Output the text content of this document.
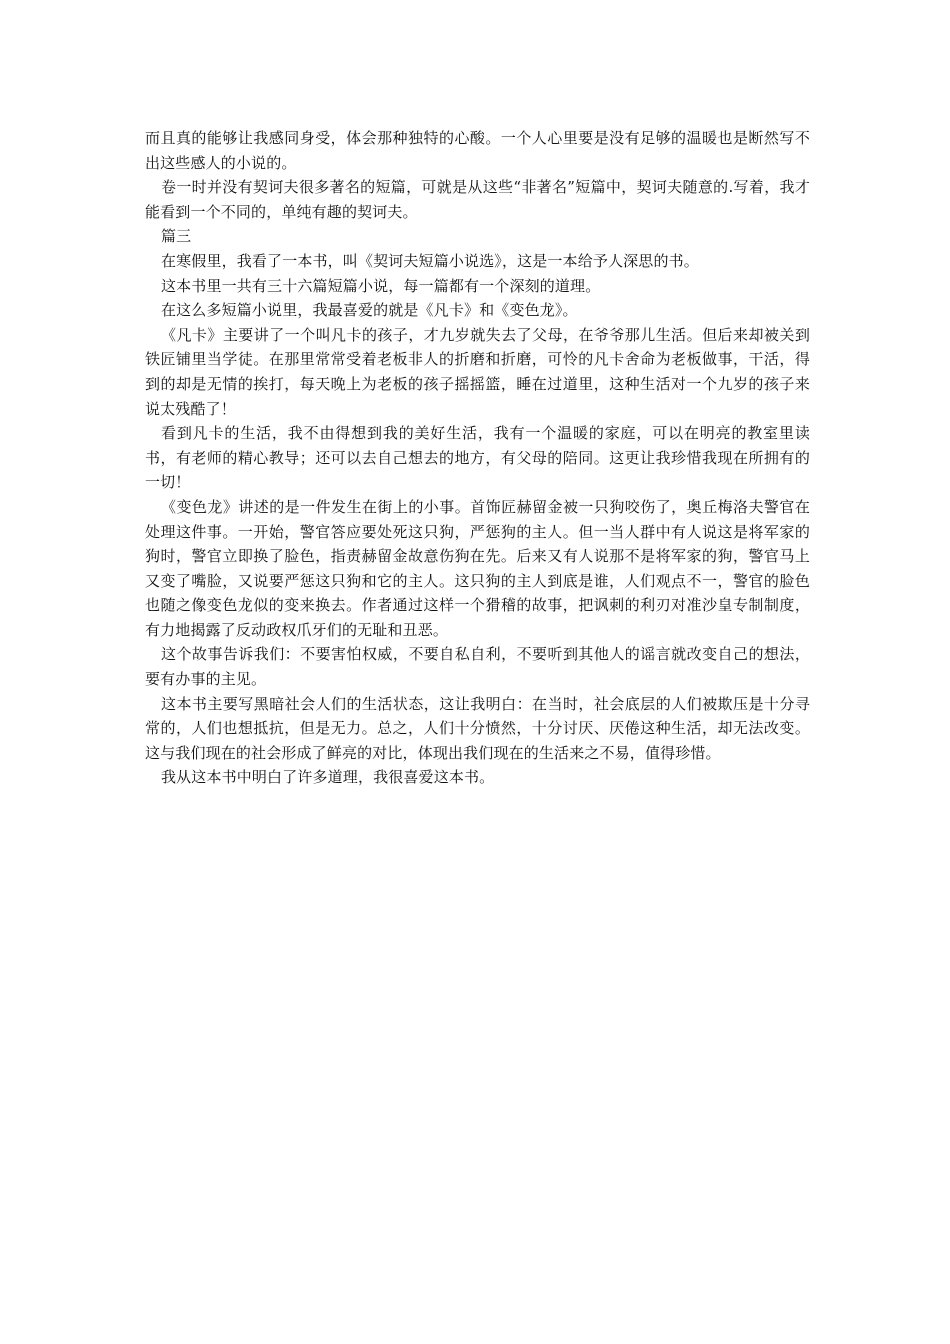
而且真的能够让我感同身受，体会那种独特的心酸。一个人心里要是没有足够的温暖也是断然写不出这些感人的小说的。

卷一时并没有契诃夫很多著名的短篇，可就是从这些“非著名”短篇中，契诃夫随意的.写着，我才能看到一个不同的，单纯有趣的契诃夫。

篇三

在寒假里，我看了一本书，叫《契诃夫短篇小说选》，这是一本给予人深思的书。

这本书里一共有三十六篇短篇小说，每一篇都有一个深刻的道理。

在这么多短篇小说里，我最喜爱的就是《凡卡》和《变色龙》。

《凡卡》主要讲了一个叫凡卡的孩子，才九岁就失去了父母，在爷爷那儿生活。但后来却被关到铁匠铺里当学徒。在那里常常受着老板非人的折磨和折磨，可怜的凡卡舍命为老板做事，干活，得到的却是无情的挨打，每天晚上为老板的孩子摇摇篮，睡在过道里，这种生活对一个九岁的孩子来说太残酷了！

看到凡卡的生活，我不由得想到我的美好生活，我有一个温暖的家庭，可以在明亮的教室里读书，有老师的精心教导；还可以去自己想去的地方，有父母的陪同。这更让我珍惜我现在所拥有的一切！

《变色龙》讲述的是一件发生在街上的小事。首饰匠赫留金被一只狗咬伤了，奥丘梅洛夫警官在处理这件事。一开始，警官答应要处死这只狗，严惩狗的主人。但一当人群中有人说这是将军家的狗时，警官立即换了脸色，指责赫留金故意伤狗在先。后来又有人说那不是将军家的狗，警官马上又变了嘴脸，又说要严惩这只狗和它的主人。这只狗的主人到底是谁，人们观点不一，警官的脸色也随之像变色龙似的变来换去。作者通过这样一个猾稽的故事，把讽刺的利刃对准沙皇专制制度，有力地揭露了反动政权爪牙们的无耻和丑恶。

这个故事告诉我们：不要害怕权威，不要自私自利，不要听到其他人的谣言就改变自己的想法，要有办事的主见。

这本书主要写黑暗社会人们的生活状态，这让我明白：在当时，社会底层的人们被欺压是十分寻常的，人们也想抵抗，但是无力。总之，人们十分愤然，十分讨厌、厌倦这种生活，却无法改变。这与我们现在的社会形成了鲜亮的对比，体现出我们现在的生活来之不易，值得珍惜。

我从这本书中明白了许多道理，我很喜爱这本书。
